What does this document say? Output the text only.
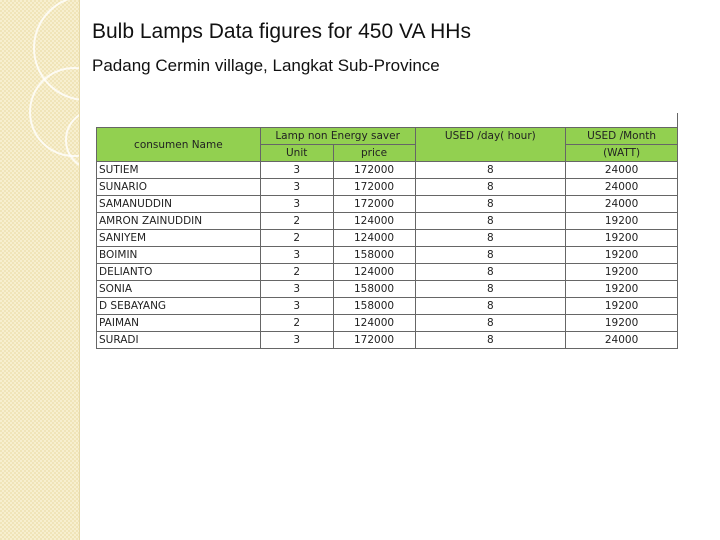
Bulb Lamps Data figures for 450 VA HHs
Padang Cermin village, Langkat Sub-Province

consumen Name	Lamp non Energy saver		USED /day( hour)	USED /Month
	Unit	price		(WATT)
SUTIEM	3	172000	8	24000
SUNARIO	3	172000	8	24000
SAMANUDDIN	3	172000	8	24000
AMRON ZAINUDDIN	2	124000	8	19200
SANIYEM	2	124000	8	19200
BOIMIN	3	158000	8	19200
DELIANTO	2	124000	8	19200
SONIA	3	158000	8	19200
D SEBAYANG	3	158000	8	19200
PAIMAN	2	124000	8	19200
SURADI	3	172000	8	24000
